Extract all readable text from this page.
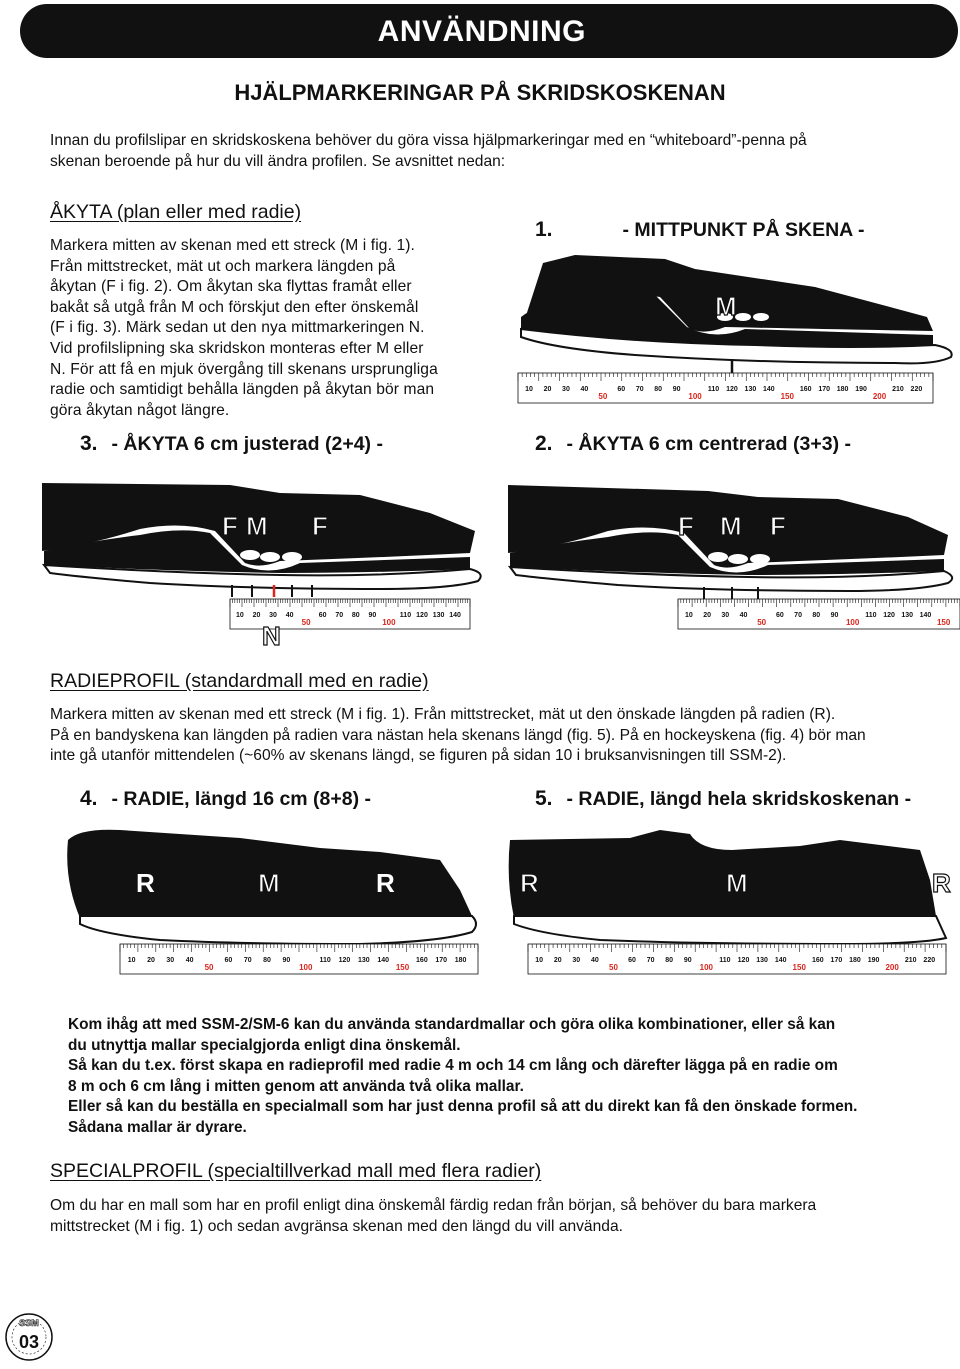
ANVÄNDNING
HJÄLPMARKERINGAR PÅ SKRIDSKOSKENAN
Innan du profilslipar en skridskoskena behöver du göra vissa hjälpmarkeringar med en “whiteboard”-penna på
skenan beroende på hur du vill ändra profilen. Se avsnittet nedan:
ÅKYTA (plan eller med radie)
Markera mitten av skenan med ett streck (M i fig. 1).
Från mittstrecket, mät ut och markera längden på
åkytan (F i fig. 2). Om åkytan ska flyttas framåt eller
bakåt så utgå från M och förskjut den efter önskemål
(F i fig. 3). Märk sedan ut den nya mittmarkeringen N.
Vid profilslipning ska skridskon monteras efter M eller
N. För att få en mjuk övergång till skenans ursprungliga
radie och samtidigt behålla längden på åkytan bör man
göra åkytan något längre.
1.	- MITTPUNKT PÅ SKENA -
3. - ÅKYTA 6 cm justerad (2+4) -	2. - ÅKYTA 6 cm centrerad (3+3) -
4. - RADIE, längd 16 cm (8+8) -	5. - RADIE, längd hela skridskoskenan -
M
10 20 30 40
50
60 70 80 90
100
110 120 130 140
150
160 170 180 190
200
210 220
F M F
10 20 30 40
50
60 70 80 90
100
110 120 130 140
N
F M F
10 20 30 40
50
60 70 80 90
100
110 120 130 140
150
RADIEPROFIL (standardmall med en radie)
Markera mitten av skenan med ett streck (M i fig. 1). Från mittstrecket, mät ut den önskade längden på radien (R).
På en bandyskena kan längden på radien vara nästan hela skenans längd (fig. 5). På en hockeyskena (fig. 4) bör man
inte gå utanför mittendelen (~60% av skenans längd, se figuren på sidan 10 i bruksanvisningen till SSM-2).
R	M	R
10 20 30 40
50
60 70 80 90
100
110 120 130 140
150
160 170 180
R	M	R
10 20 30 40
50
60 70 80 90
100
110 120 130 140
150
160 170 180 190
200
210 220
Kom ihåg att med SSM-2/SM-6 kan du använda standardmallar och göra olika kombinationer, eller så kan
du utnyttja mallar specialgjorda enligt dina önskemål.
Så kan du t.ex. först skapa en radieprofil med radie 4 m och 14 cm lång och därefter lägga på en radie om
8 m och 6 cm lång i mitten genom att använda två olika mallar.
Eller så kan du beställa en specialmall som har just denna profil så att du direkt kan få den önskade formen.
Sådana mallar är dyrare.
SPECIALPROFIL (specialtillverkad mall med flera radier)
Om du har en mall som har en profil enligt dina önskemål färdig redan från början, så behöver du bara markera
mittstrecket (M i fig. 1) och sedan avgränsa skenan med den längd du vill använda.
SSM
03
